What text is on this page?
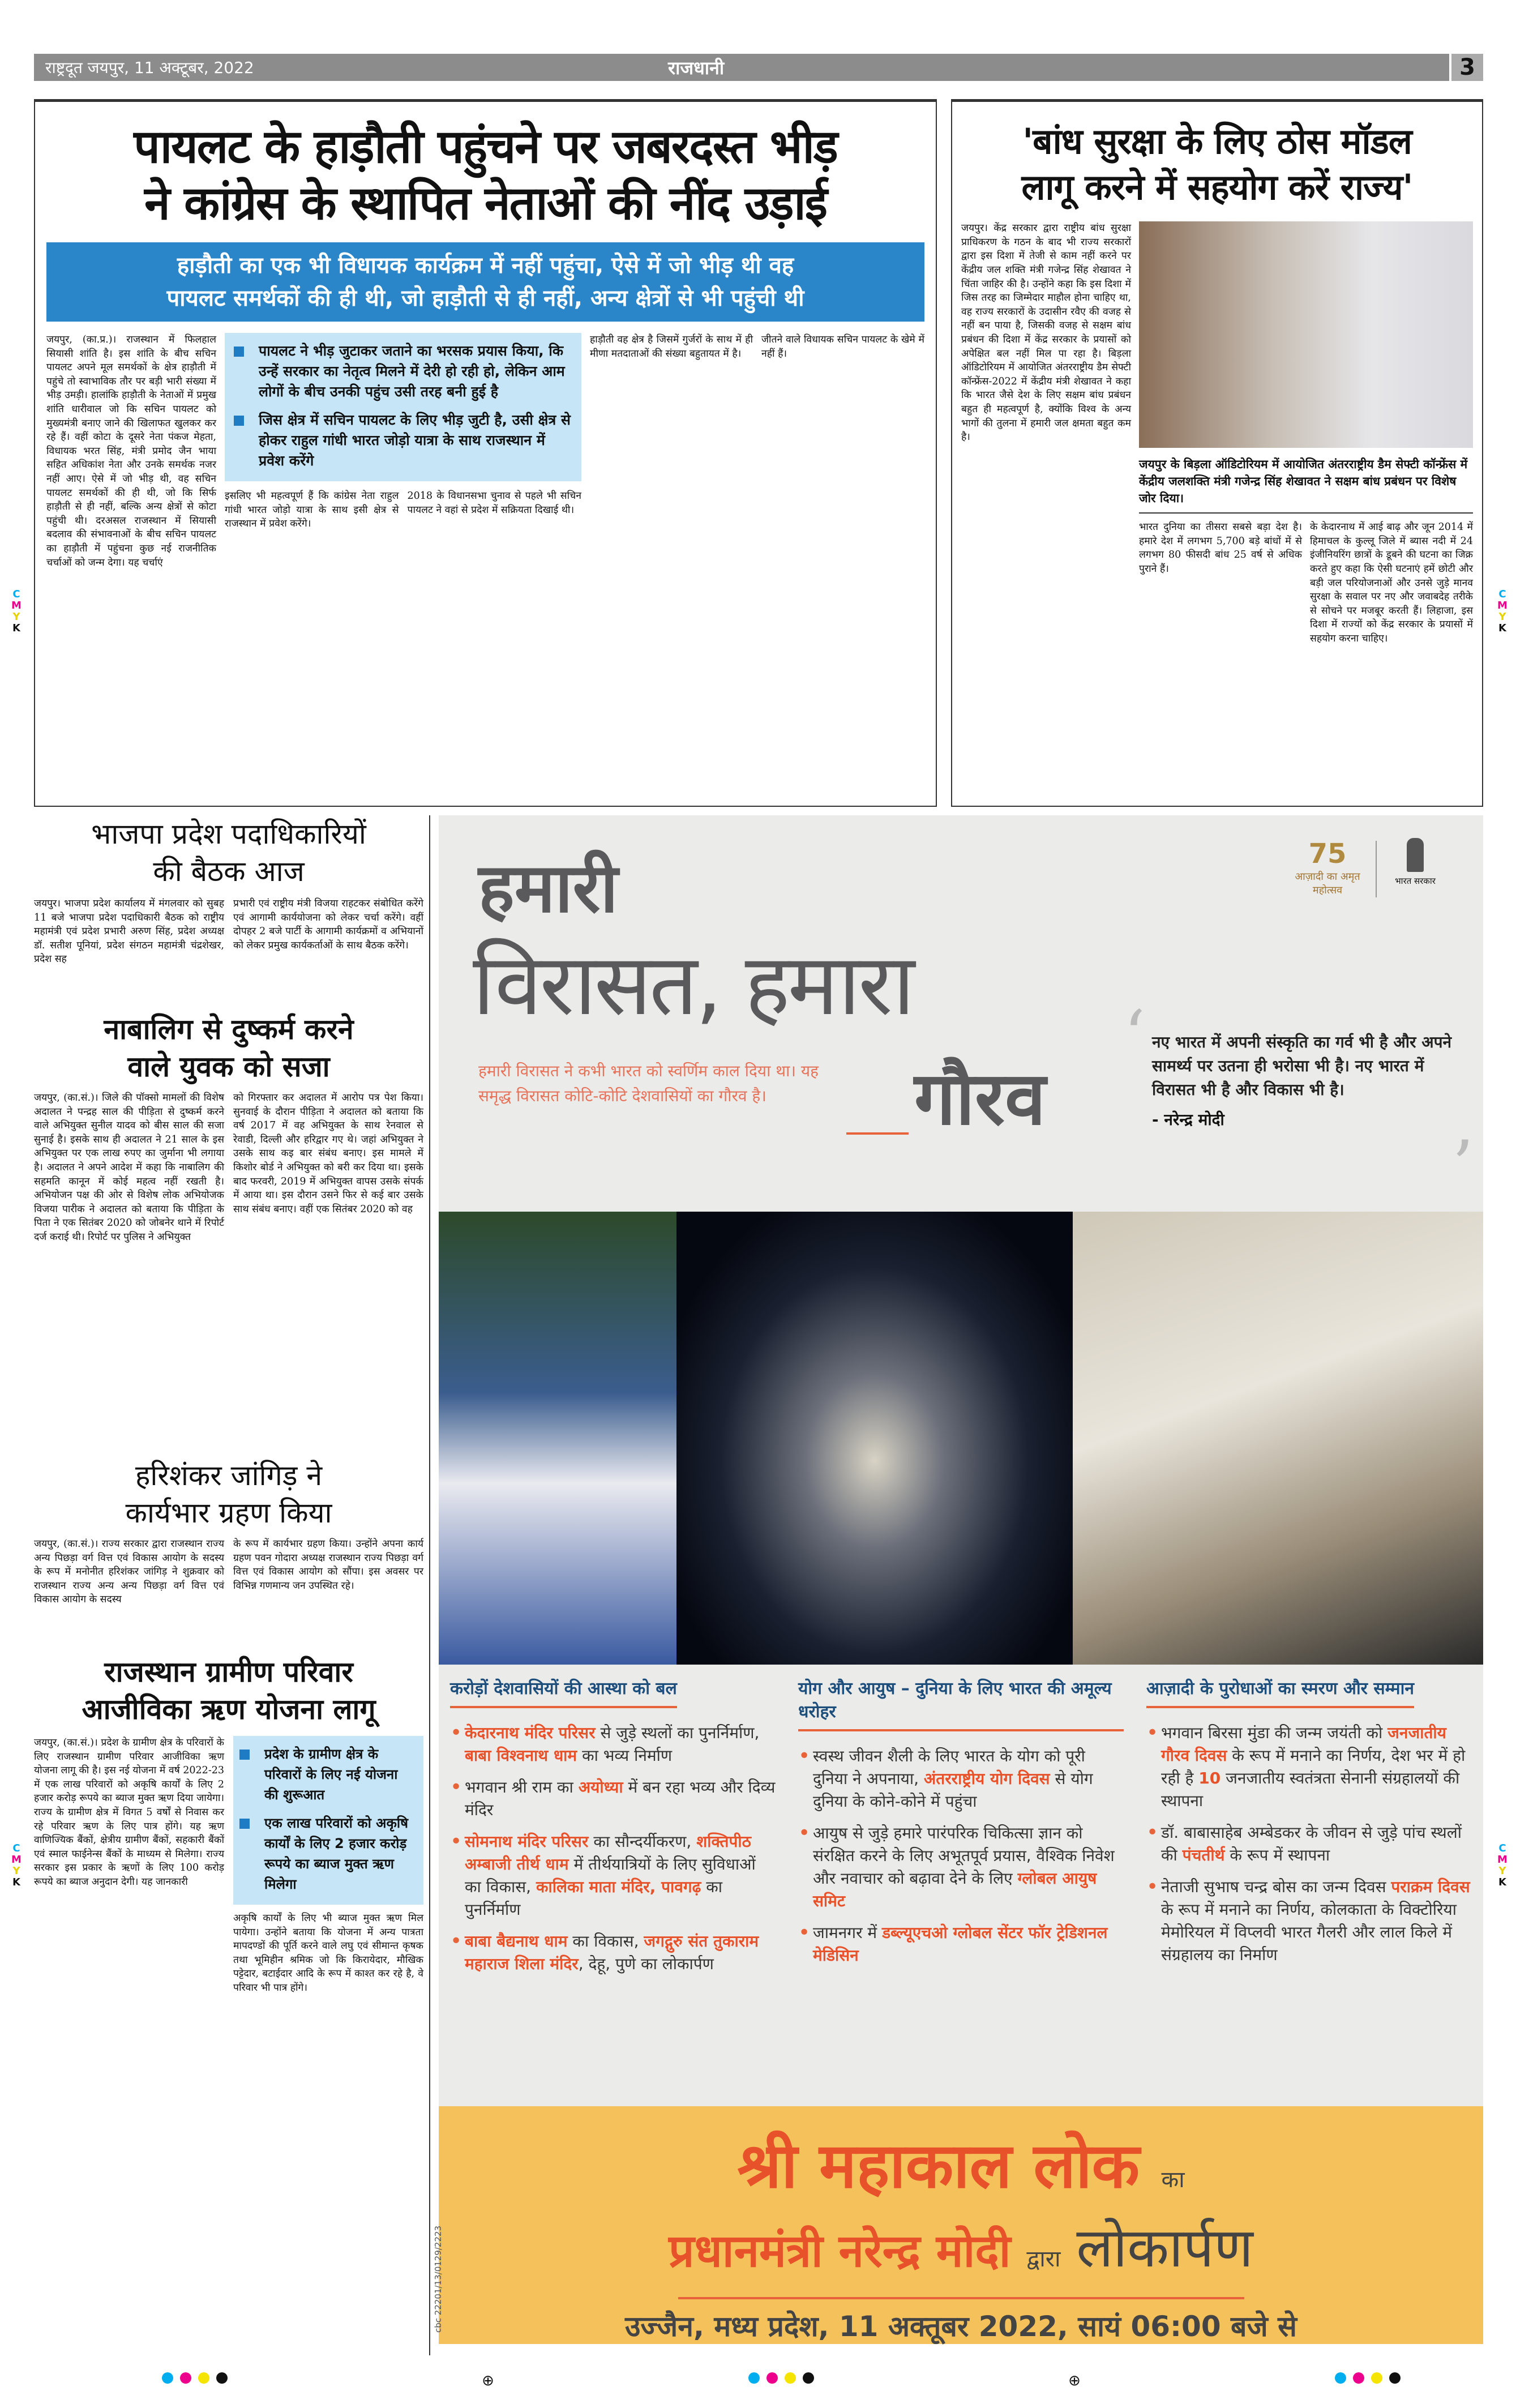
राष्ट्रदूत जयपुर, 11 अक्टूबर, 2022	राजधानी	3
पायलट के हाड़ौती पहुंचने पर जबरदस्त भीड़
ने कांग्रेस के स्थापित नेताओं की नींद उड़ाई
हाड़ौती का एक भी विधायक कार्यक्रम में नहीं पहुंचा, ऐसे में जो भीड़ थी वह
पायलट समर्थकों की ही थी, जो हाड़ौती से ही नहीं, अन्य क्षेत्रों से भी पहुंची थी
जयपुर, (का.प्र.)। राजस्थान में फिलहाल सियासी शांति है। इस शांति के बीच सचिन पायलट अपने मूल समर्थकों के क्षेत्र हाड़ौती में पहुंचे तो स्वाभाविक तौर पर बड़ी भारी संख्या में भीड़ उमड़ी। हालांकि हाड़ौती के नेताओं में प्रमुख शांति धारीवाल जो कि सचिन पायलट को मुख्यमंत्री बनाए जाने की खिलाफत खुलकर कर रहे हैं। वहीं कोटा के दूसरे नेता पंकज मेहता, विधायक भरत सिंह, मंत्री प्रमोद जैन भाया सहित अधिकांश नेता और उनके समर्थक नजर नहीं आए। ऐसे में जो भीड़ थी, वह सचिन पायलट समर्थकों की ही थी, जो कि सिर्फ हाड़ौती से ही नहीं, बल्कि अन्य क्षेत्रों से कोटा पहुंची थी। दरअसल राजस्थान में सियासी बदलाव की संभावनाओं के बीच सचिन पायलट का हाड़ौती में पहुंचना कुछ नई राजनीतिक चर्चाओं को जन्म देगा। यह चर्चाएं
पायलट ने भीड़ जुटाकर जताने का भरसक प्रयास किया, कि उन्हें सरकार का नेतृत्व मिलने में देरी हो रही हो, लेकिन आम लोगों के बीच उनकी पहुंच उसी तरह बनी हुई है
जिस क्षेत्र में सचिन पायलट के लिए भीड़ जुटी है, उसी क्षेत्र से होकर राहुल गांधी भारत जोड़ो यात्रा के साथ राजस्थान में प्रवेश करेंगे
इसलिए भी महत्वपूर्ण हैं कि कांग्रेस नेता राहुल गांधी भारत जोड़ो यात्रा के साथ इसी क्षेत्र से राजस्थान में प्रवेश करेंगे।
2018 के विधानसभा चुनाव से पहले भी सचिन पायलट ने वहां से प्रदेश में सक्रियता दिखाई थी।
हाड़ौती वह क्षेत्र है जिसमें गुर्जरों के साथ में ही मीणा मतदाताओं की संख्या बहुतायत में है।
जीतने वाले विधायक सचिन पायलट के खेमे में नहीं हैं।
'बांध सुरक्षा के लिए ठोस मॉडल
लागू करने में सहयोग करें राज्य'
जयपुर। केंद्र सरकार द्वारा राष्ट्रीय बांध सुरक्षा प्राधिकरण के गठन के बाद भी राज्य सरकारों द्वारा इस दिशा में तेजी से काम नहीं करने पर केंद्रीय जल शक्ति मंत्री गजेन्द्र सिंह शेखावत ने चिंता जाहिर की है। उन्होंने कहा कि इस दिशा में जिस तरह का जिम्मेदार माहौल होना चाहिए था, वह राज्य सरकारों के उदासीन रवैए की वजह से नहीं बन पाया है, जिसकी वजह से सक्षम बांध प्रबंधन की दिशा में केंद्र सरकार के प्रयासों को अपेक्षित बल नहीं मिल पा रहा है। बिड़ला ऑडिटोरियम में आयोजित अंतरराष्ट्रीय डैम सेफ्टी कॉन्फ्रेंस-2022 में केंद्रीय मंत्री शेखावत ने कहा कि भारत जैसे देश के लिए सक्षम बांध प्रबंधन बहुत ही महत्वपूर्ण है, क्योंकि विश्व के अन्य भागों की तुलना में हमारी जल क्षमता बहुत कम है।
जयपुर के बिड़ला ऑडिटोरियम में आयोजित अंतरराष्ट्रीय डैम सेफ्टी कॉन्फ्रेंस में केंद्रीय जलशक्ति मंत्री गजेन्द्र सिंह शेखावत ने सक्षम बांध प्रबंधन पर विशेष जोर दिया।
भारत दुनिया का तीसरा सबसे बड़ा देश है। हमारे देश में लगभग 5,700 बड़े बांधों में से लगभग 80 फीसदी बांध 25 वर्ष से अधिक पुराने हैं।
के केदारनाथ में आई बाढ़ और जून 2014 में हिमाचल के कुल्लू जिले में ब्यास नदी में 24 इंजीनियरिंग छात्रों के डूबने की घटना का जिक्र करते हुए कहा कि ऐसी घटनाएं हमें छोटी और बड़ी जल परियोजनाओं और उनसे जुड़े मानव सुरक्षा के सवाल पर नए और जवाबदेह तरीके से सोचने पर मजबूर करती हैं। लिहाजा, इस दिशा में राज्यों को केंद्र सरकार के प्रयासों में सहयोग करना चाहिए।
भाजपा प्रदेश पदाधिकारियों
की बैठक आज
जयपुर। भाजपा प्रदेश कार्यालय में मंगलवार को सुबह 11 बजे भाजपा प्रदेश पदाधिकारी बैठक को राष्ट्रीय महामंत्री एवं प्रदेश प्रभारी अरुण सिंह, प्रदेश अध्यक्ष डॉ. सतीश पूनियां, प्रदेश संगठन महामंत्री चंद्रशेखर, प्रदेश सह
प्रभारी एवं राष्ट्रीय मंत्री विजया राहटकर संबोधित करेंगे एवं आगामी कार्ययोजना को लेकर चर्चा करेंगे। वहीं दोपहर 2 बजे पार्टी के आगामी कार्यक्रमों व अभियानों को लेकर प्रमुख कार्यकर्ताओं के साथ बैठक करेंगे।
नाबालिग से दुष्कर्म करने
वाले युवक को सजा
जयपुर, (का.सं.)। जिले की पॉक्सो मामलों की विशेष अदालत ने पन्द्रह साल की पीड़िता से दुष्कर्म करने वाले अभियुक्त सुनील यादव को बीस साल की सजा सुनाई है। इसके साथ ही अदालत ने 21 साल के इस अभियुक्त पर एक लाख रुपए का जुर्माना भी लगाया है। अदालत ने अपने आदेश में कहा कि नाबालिग की सहमति कानून में कोई महत्व नहीं रखती है। अभियोजन पक्ष की ओर से विशेष लोक अभियोजक विजया पारीक ने अदालत को बताया कि पीड़िता के पिता ने एक सितंबर 2020 को जोबनेर थाने में रिपोर्ट दर्ज कराई थी। रिपोर्ट पर पुलिस ने अभियुक्त
को गिरफ्तार कर अदालत में आरोप पत्र पेश किया। सुनवाई के दौरान पीड़िता ने अदालत को बताया कि वर्ष 2017 में वह अभियुक्त के साथ रेनवाल से रेवाडी, दिल्ली और हरिद्वार गए थे। जहां अभियुक्त ने उसके साथ कइ बार संबंध बनाए। इस मामले में किशोर बोर्ड ने अभियुक्त को बरी कर दिया था। इसके बाद फरवरी, 2019 में अभियुक्त वापस उसके संपर्क में आया था। इस दौरान उसने फिर से कई बार उसके साथ संबंध बनाए। वहीं एक सितंबर 2020 को वह
हरिशंकर जांगिड़ ने
कार्यभार ग्रहण किया
जयपुर, (का.सं.)। राज्य सरकार द्वारा राजस्थान राज्य अन्य पिछड़ा वर्ग वित्त एवं विकास आयोग के सदस्य के रूप में मनोनीत हरिशंकर जांगिड़ ने शुक्रवार को राजस्थान राज्य अन्य अन्य पिछड़ा वर्ग वित्त एवं विकास आयोग के सदस्य
के रूप में कार्यभार ग्रहण किया। उन्होंने अपना कार्य ग्रहण पवन गोदारा अध्यक्ष राजस्थान राज्य पिछड़ा वर्ग वित्त एवं विकास आयोग को सौंपा। इस अवसर पर विभिन्न गणमान्य जन उपस्थित रहे।
राजस्थान ग्रामीण परिवार
आजीविका ऋण योजना लागू
जयपुर, (का.सं.)। प्रदेश के ग्रामीण क्षेत्र के परिवारों के लिए राजस्थान ग्रामीण परिवार आजीविका ऋण योजना लागू की है। इस नई योजना में वर्ष 2022-23 में एक लाख परिवारों को अकृषि कार्यों के लिए 2 हजार करोड़ रूपये का ब्याज मुक्त ऋण दिया जायेगा। राज्य के ग्रामीण क्षेत्र में विगत 5 वर्षों से निवास कर रहे परिवार ऋण के लिए पात्र होंगे। यह ऋण वाणिज्यिक बैंकों, क्षेत्रीय ग्रामीण बैंकों, सहकारी बैंकों एवं स्माल फाईनेन्स बैंकों के माध्यम से मिलेगा। राज्य सरकार इस प्रकार के ऋणों के लिए 100 करोड़ रूपये का ब्याज अनुदान देगी। यह जानकारी
प्रदेश के ग्रामीण क्षेत्र के परिवारों के लिए नई योजना की शुरूआत
एक लाख परिवारों को अकृषि कार्यों के लिए 2 हजार करोड़ रूपये का ब्याज मुक्त ऋण मिलेगा
अकृषि कार्यों के लिए भी ब्याज मुक्त ऋण मिल पायेगा। उन्होंने बताया कि योजना में अन्य पात्रता मापदण्डों की पूर्ति करने वाले लघु एवं सीमान्त कृषक तथा भूमिहीन श्रमिक जो कि किरायेदार, मौखिक पट्टेदार, बटाईदार आदि के रूप में काश्त कर रहे है, वे परिवार भी पात्र होंगे।
हमारी
विरासत, हमारा
गौरव
हमारी विरासत ने कभी भारत को स्वर्णिम काल दिया था। यह समृद्ध विरासत कोटि-कोटि देशवासियों का गौरव है।
75
आज़ादी का अमृत महोत्सव
भारत सरकार
‘ नए भारत में अपनी संस्कृति का गर्व भी है और अपने सामर्थ्य पर उतना ही भरोसा भी है। नए भारत में विरासत भी है और विकास भी है।
- नरेन्द्र मोदी
’
करोड़ों देशवासियों की आस्था को बल
• केदारनाथ मंदिर परिसर से जुड़े स्थलों का पुनर्निर्माण, बाबा विश्वनाथ धाम का भव्य निर्माण
• भगवान श्री राम का अयोध्या में बन रहा भव्य और दिव्य मंदिर
• सोमनाथ मंदिर परिसर का सौन्दर्यीकरण, शक्तिपीठ अम्बाजी तीर्थ धाम में तीर्थयात्रियों के लिए सुविधाओं का विकास, कालिका माता मंदिर, पावगढ़ का पुनर्निर्माण
• बाबा बैद्यनाथ धाम का विकास, जगद्गुरु संत तुकाराम महाराज शिला मंदिर, देहू, पुणे का लोकार्पण
योग और आयुष – दुनिया के लिए भारत की अमूल्य धरोहर
• स्वस्थ जीवन शैली के लिए भारत के योग को पूरी दुनिया ने अपनाया, अंतरराष्ट्रीय योग दिवस से योग दुनिया के कोने-कोने में पहुंचा
• आयुष से जुड़े हमारे पारंपरिक चिकित्सा ज्ञान को संरक्षित करने के लिए अभूतपूर्व प्रयास, वैश्विक निवेश और नवाचार को बढ़ावा देने के लिए ग्लोबल आयुष समिट
• जामनगर में डब्ल्यूएचओ ग्लोबल सेंटर फॉर ट्रेडिशनल मेडिसिन
आज़ादी के पुरोधाओं का स्मरण और सम्मान
• भगवान बिरसा मुंडा की जन्म जयंती को जनजातीय गौरव दिवस के रूप में मनाने का निर्णय, देश भर में हो रही है 10 जनजातीय स्वतंत्रता सेनानी संग्रहालयों की स्थापना
• डॉ. बाबासाहेब अम्बेडकर के जीवन से जुड़े पांच स्थलों की पंचतीर्थ के रूप में स्थापना
• नेताजी सुभाष चन्द्र बोस का जन्म दिवस पराक्रम दिवस के रूप में मनाने का निर्णय, कोलकाता के विक्टोरिया मेमोरियल में विप्लवी भारत गैलरी और लाल किले में संग्रहालय का निर्माण
श्री महाकाल लोक का
प्रधानमंत्री नरेन्द्र मोदी द्वारा लोकार्पण
उज्जैन, मध्य प्रदेश, 11 अक्तूबर 2022, सायं 06:00 बजे से
cbc 22201/13/0129/2223
C
M
Y
K
C
M
Y
K
C
M
Y
K
C
M
Y
K
⊕	⊕
